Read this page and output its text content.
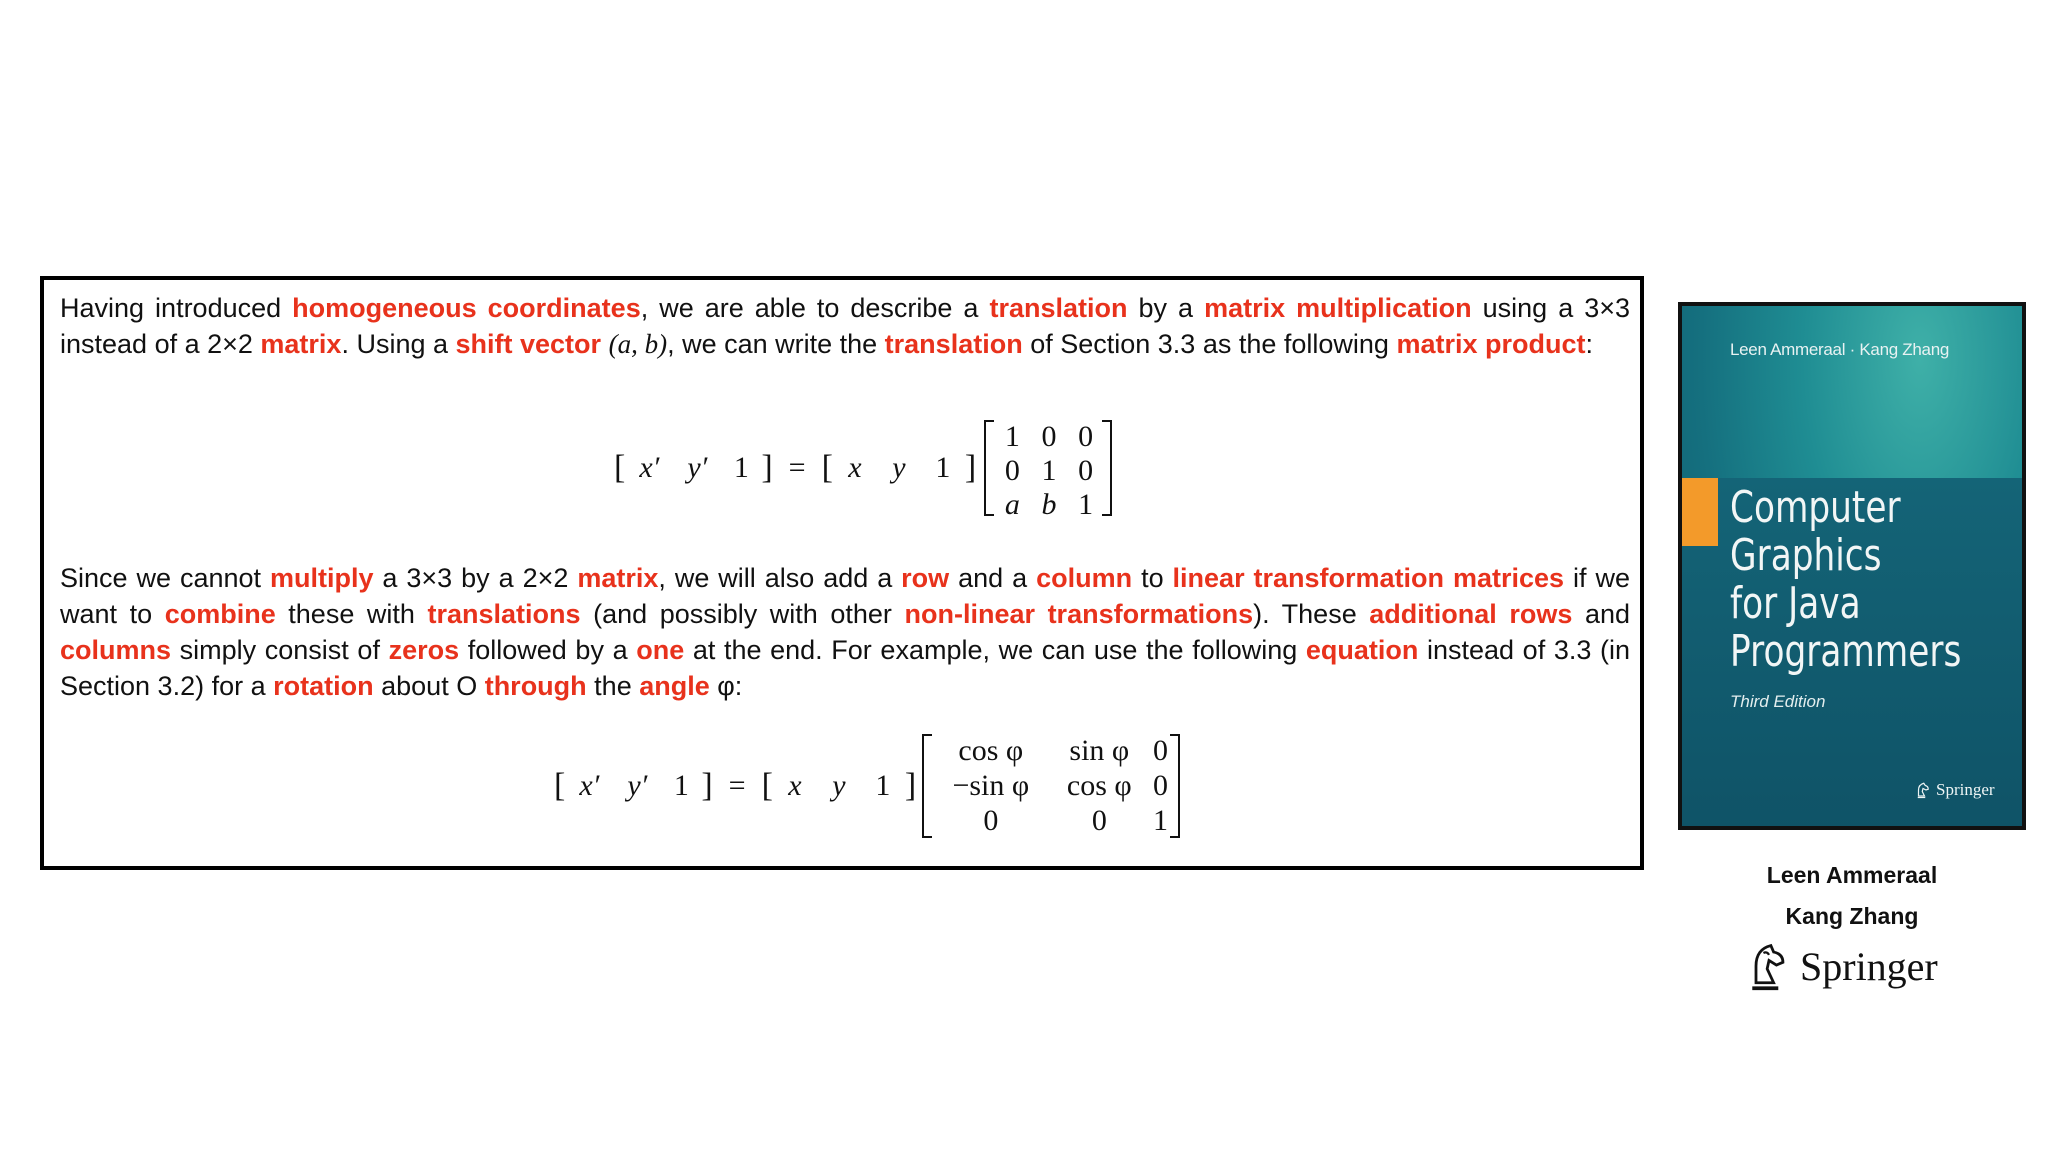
Having introduced homogeneous coordinates, we are able to describe a translation by a matrix multiplication using a 3×3 instead of a 2×2 matrix. Using a shift vector (a, b), we can write the translation of Section 3.3 as the following matrix product:

[ x′ y′ 1 ] = [ x	y 1 ]
1	0	0
0	1	0
a	b	1

Since we cannot multiply a 3×3 by a 2×2 matrix, we will also add a row and a column to linear transformation matrices if we want to combine these with translations (and possibly with other non-linear transformations). These additional rows and columns simply consist of zeros followed by a one at the end. For example, we can use the following equation instead of 3.3 (in Section 3.2) for a rotation about O through the angle φ:

[ x′ y′ 1 ] = [ x	y 1 ]
cos φ	sin φ	0
−sin φ	cos φ	0
0	0	1
Leen Ammeraal · Kang Zhang
Computer
Graphics
for Java
Programmers
Third Edition
Springer
Leen Ammeraal
Kang Zhang
Springer
